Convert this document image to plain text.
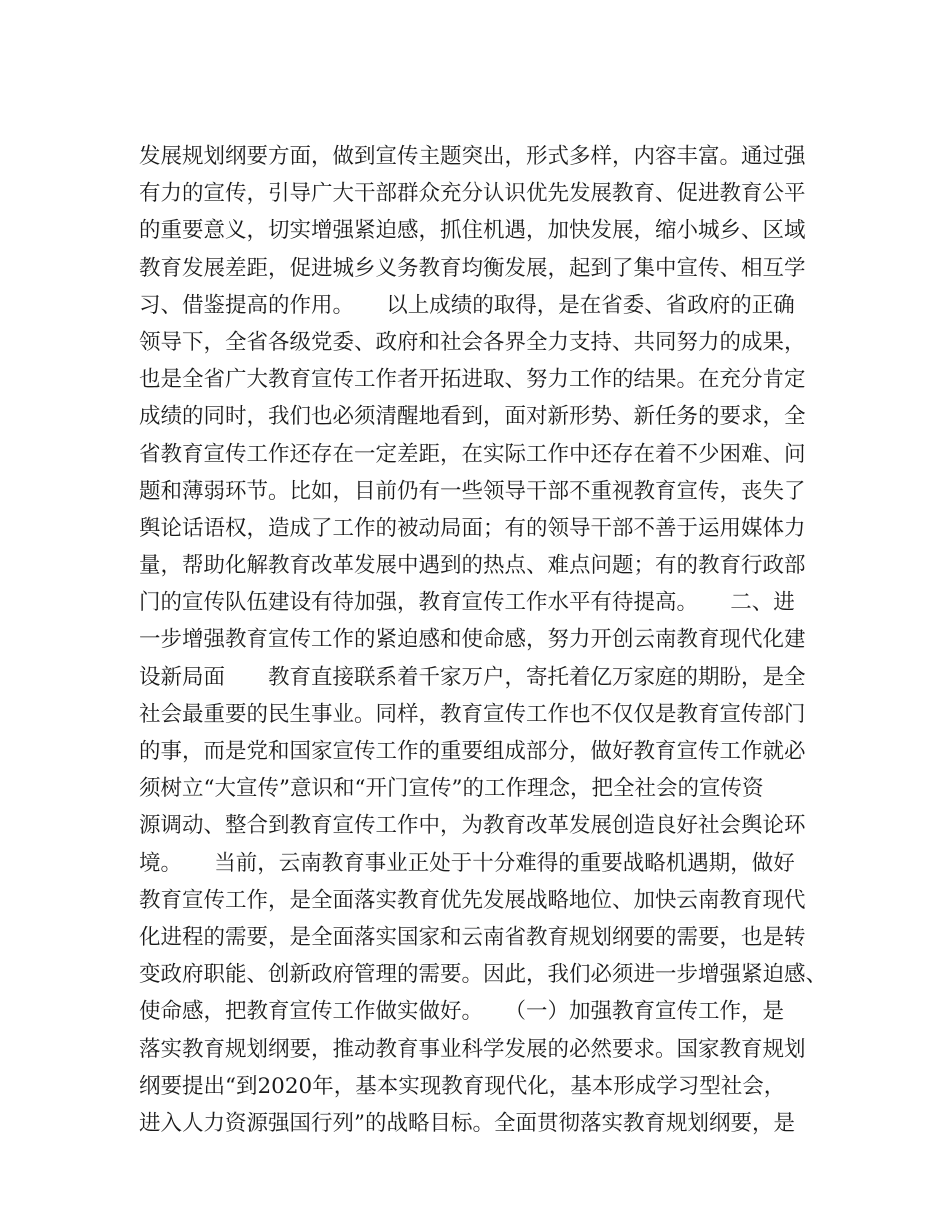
发展规划纲要方面，做到宣传主题突出，形式多样，内容丰富。通过强
有力的宣传，引导广大干部群众充分认识优先发展教育、促进教育公平
的重要意义，切实增强紧迫感，抓住机遇，加快发展，缩小城乡、区域
教育发展差距，促进城乡义务教育均衡发展，起到了集中宣传、相互学
习、借鉴提高的作用。　　以上成绩的取得，是在省委、省政府的正确
领导下，全省各级党委、政府和社会各界全力支持、共同努力的成果，
也是全省广大教育宣传工作者开拓进取、努力工作的结果。在充分肯定
成绩的同时，我们也必须清醒地看到，面对新形势、新任务的要求，全
省教育宣传工作还存在一定差距，在实际工作中还存在着不少困难、问
题和薄弱环节。比如，目前仍有一些领导干部不重视教育宣传，丧失了
舆论话语权，造成了工作的被动局面；有的领导干部不善于运用媒体力
量，帮助化解教育改革发展中遇到的热点、难点问题；有的教育行政部
门的宣传队伍建设有待加强，教育宣传工作水平有待提高。　　二、进
一步增强教育宣传工作的紧迫感和使命感，努力开创云南教育现代化建
设新局面　　教育直接联系着千家万户，寄托着亿万家庭的期盼，是全
社会最重要的民生事业。同样，教育宣传工作也不仅仅是教育宣传部门
的事，而是党和国家宣传工作的重要组成部分，做好教育宣传工作就必
须树立“大宣传”意识和“开门宣传”的工作理念，把全社会的宣传资
源调动、整合到教育宣传工作中，为教育改革发展创造良好社会舆论环
境。　　当前，云南教育事业正处于十分难得的重要战略机遇期，做好
教育宣传工作，是全面落实教育优先发展战略地位、加快云南教育现代
化进程的需要，是全面落实国家和云南省教育规划纲要的需要，也是转
变政府职能、创新政府管理的需要。因此，我们必须进一步增强紧迫感、
使命感，把教育宣传工作做实做好。　　（一）加强教育宣传工作，是
落实教育规划纲要，推动教育事业科学发展的必然要求。国家教育规划
纲要提出“到2020年，基本实现教育现代化，基本形成学习型社会，
进入人力资源强国行列”的战略目标。全面贯彻落实教育规划纲要，是
